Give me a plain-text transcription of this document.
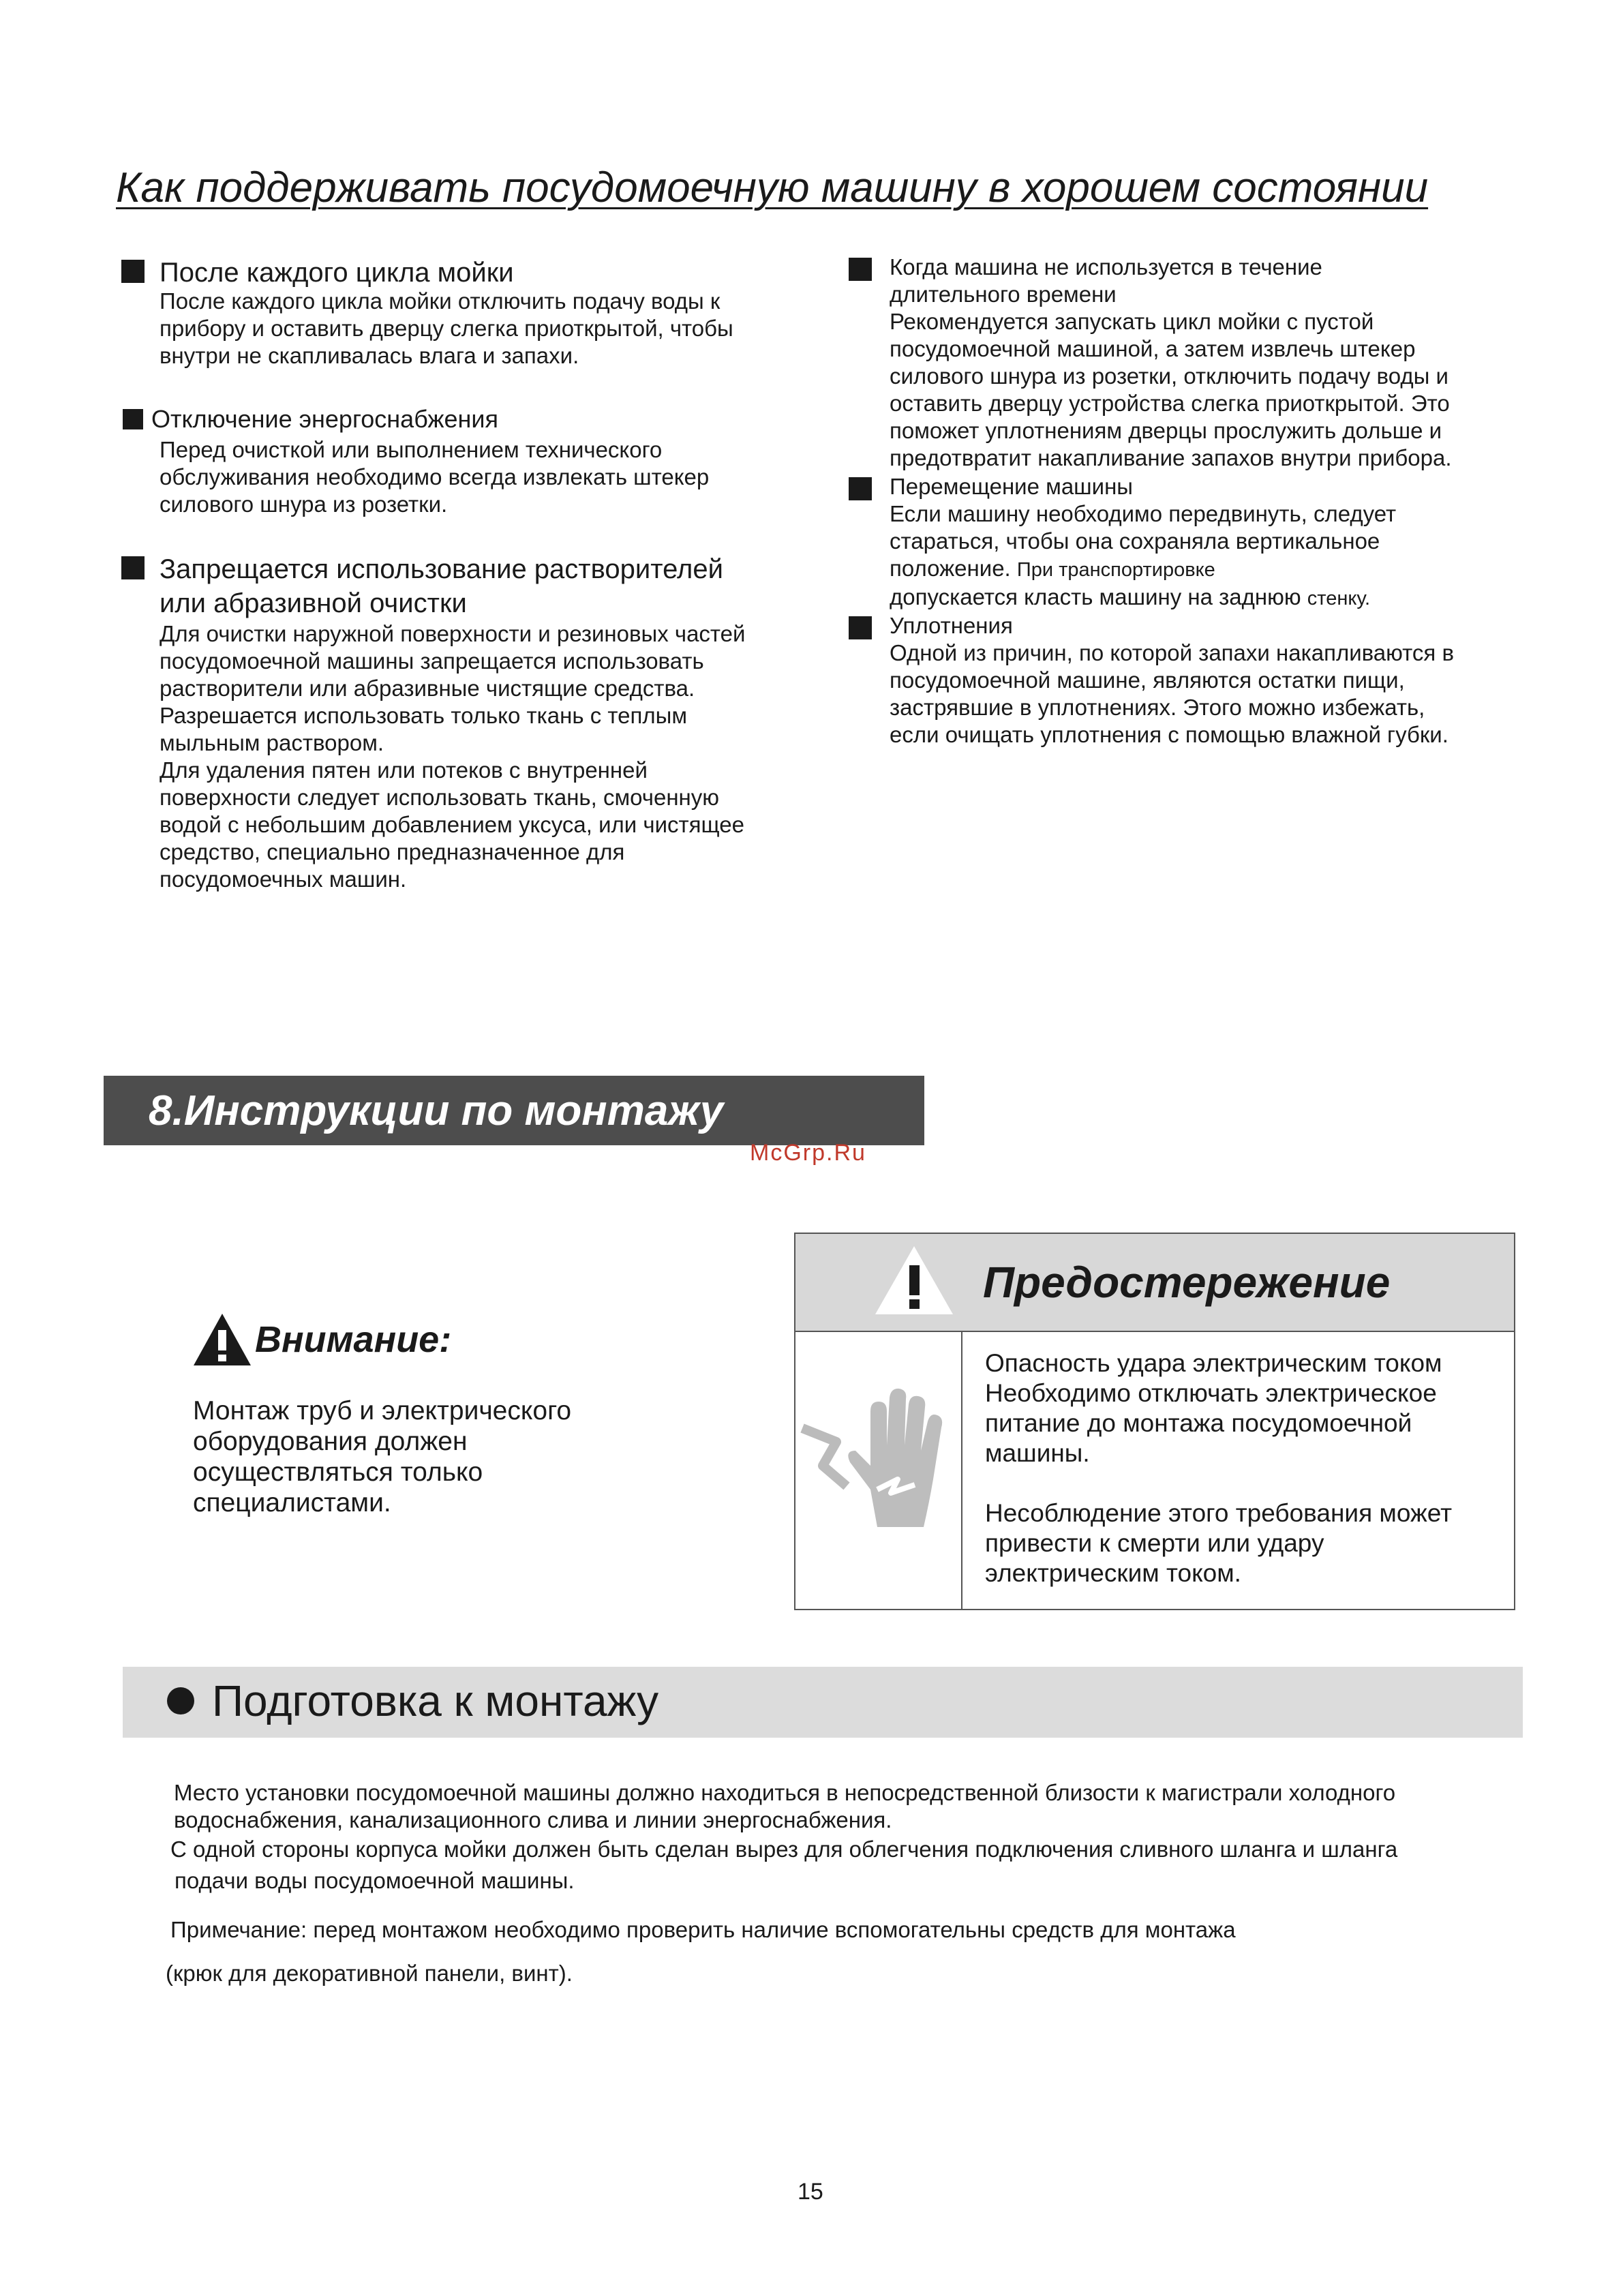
Как поддерживать посудомоечную машину в хорошем состоянии
После каждого цикла мойки

После каждого цикла мойки отключить подачу воды к

прибору и оставить дверцу слегка приоткрытой, чтобы

внутри не скапливалась влага и запахи.

Отключение энергоснабжения

Перед очисткой или выполнением технического

обслуживания необходимо всегда извлекать штекер

силового шнура из розетки.

Запрещается использование растворителей
или абразивной очистки

Для очистки наружной поверхности и резиновых частей

посудомоечной машины запрещается использовать

растворители или абразивные чистящие средства.

Разрешается использовать только ткань с теплым

мыльным раствором.

Для удаления пятен или потеков с внутренней

поверхности следует использовать ткань, смоченную

водой с небольшим добавлением уксуса, или чистящее

средство, специально предназначенное для

посудомоечных машин.

Когда машина не используется в течение

длительного времени

Рекомендуется запускать цикл мойки с пустой

посудомоечной машиной, а затем извлечь штекер

силового шнура из розетки, отключить подачу воды и

оставить дверцу устройства слегка приоткрытой. Это

поможет уплотнениям дверцы прослужить дольше и

предотвратит накапливание запахов внутри прибора.

Перемещение машины

Если машину необходимо передвинуть, следует

стараться, чтобы она сохраняла вертикальное

положение. При транспортировке

допускается класть машину на заднюю стенку.

Уплотнения

Одной из причин, по которой запахи накапливаются в

посудомоечной машине, являются остатки пищи,

застрявшие в уплотнениях. Этого можно избежать,

если очищать уплотнения с помощью влажной губки.

8.Инструкции по монтажу
McGrp.Ru
Внимание:
Монтаж труб и электрического
оборудования должен
осуществляться только
специалистами.
Предостережение
Опасность удара электрическим током
Необходимо отключать электрическое
питание до монтажа посудомоечной
машины.
Несоблюдение этого требования может
привести к смерти или удару
электрическим током.
Подготовка к монтажу
Место установки посудомоечной машины должно находиться в непосредственной близости к магистрали холодного
водоснабжения, канализационного слива и линии энергоснабжения.
С одной стороны корпуса мойки должен быть сделан вырез для облегчения подключения сливного шланга и шланга
подачи воды посудомоечной машины.
Примечание: перед монтажом необходимо проверить наличие вспомогательны средств для монтажа
(крюк для декоративной панели, винт).
15
